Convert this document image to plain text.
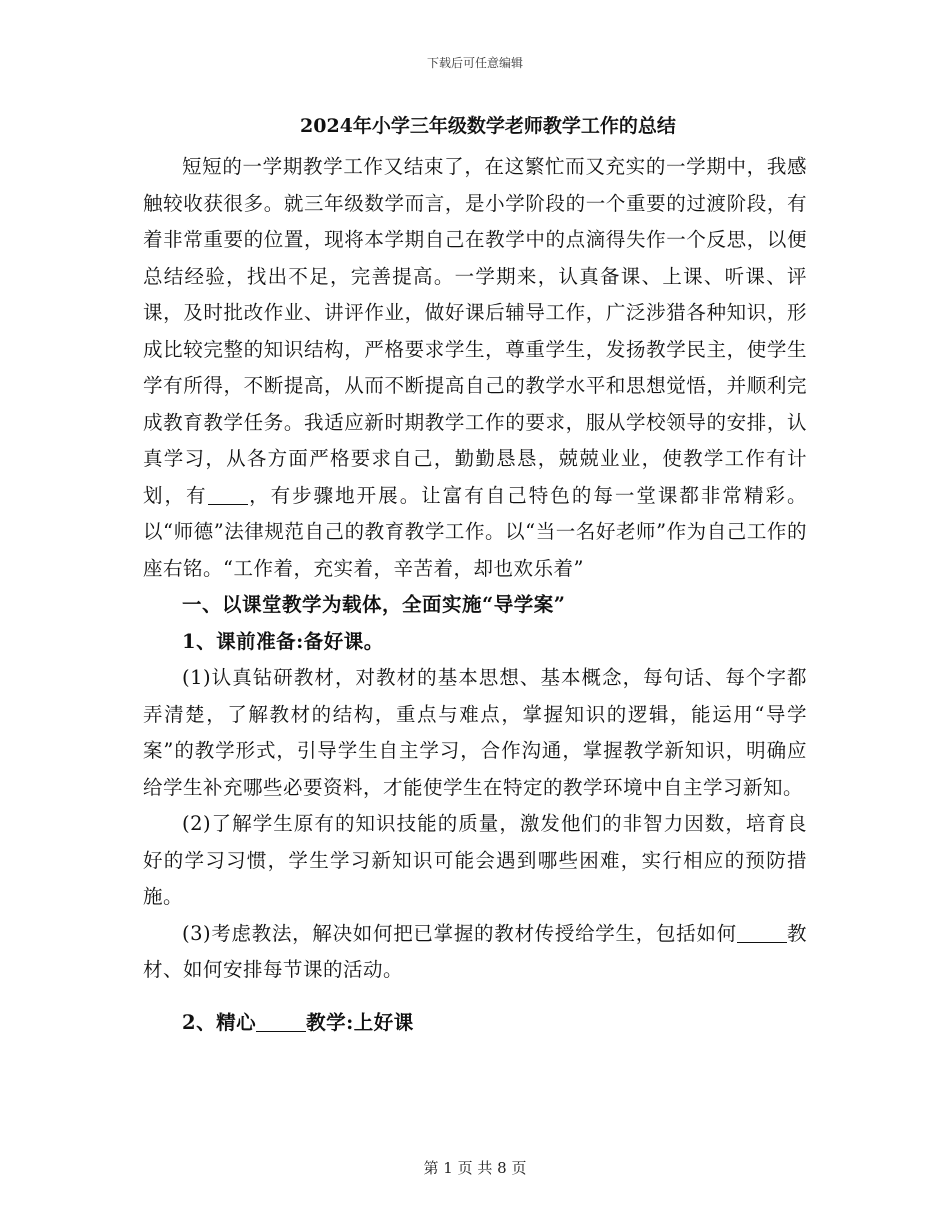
下载后可任意编辑
2024年小学三年级数学老师教学工作的总结

短短的一学期教学工作又结束了，在这繁忙而又充实的一学期中，我感触较收获很多。就三年级数学而言，是小学阶段的一个重要的过渡阶段，有着非常重要的位置，现将本学期自己在教学中的点滴得失作一个反思，以便总结经验，找出不足，完善提高。一学期来，认真备课、上课、听课、评课，及时批改作业、讲评作业，做好课后辅导工作，广泛涉猎各种知识，形成比较完整的知识结构，严格要求学生，尊重学生，发扬教学民主，使学生学有所得，不断提高，从而不断提高自己的教学水平和思想觉悟，并顺利完成教育教学任务。我适应新时期教学工作的要求，服从学校领导的安排，认真学习，从各方面严格要求自己，勤勤恳恳，兢兢业业，使教学工作有计划，有 ，有步骤地开展。让富有自己特色的每一堂课都非常精彩。以“师德”法律规范自己的教育教学工作。以“当一名好老师”作为自己工作的座右铭。“工作着，充实着，辛苦着，却也欢乐着”

一、以课堂教学为载体，全面实施“导学案”

1、课前准备:备好课。

(1)认真钻研教材，对教材的基本思想、基本概念，每句话、每个字都弄清楚，了解教材的结构，重点与难点，掌握知识的逻辑，能运用“导学案”的教学形式，引导学生自主学习，合作沟通，掌握教学新知识，明确应给学生补充哪些必要资料，才能使学生在特定的教学环境中自主学习新知。

(2)了解学生原有的知识技能的质量，激发他们的非智力因数，培育良好的学习习惯，学生学习新知识可能会遇到哪些困难，实行相应的预防措施。

(3)考虑教法，解决如何把已掌握的教材传授给学生，包括如何	教材、如何安排每节课的活动。

2、精心	教学:上好课

第 1 页 共 8 页
